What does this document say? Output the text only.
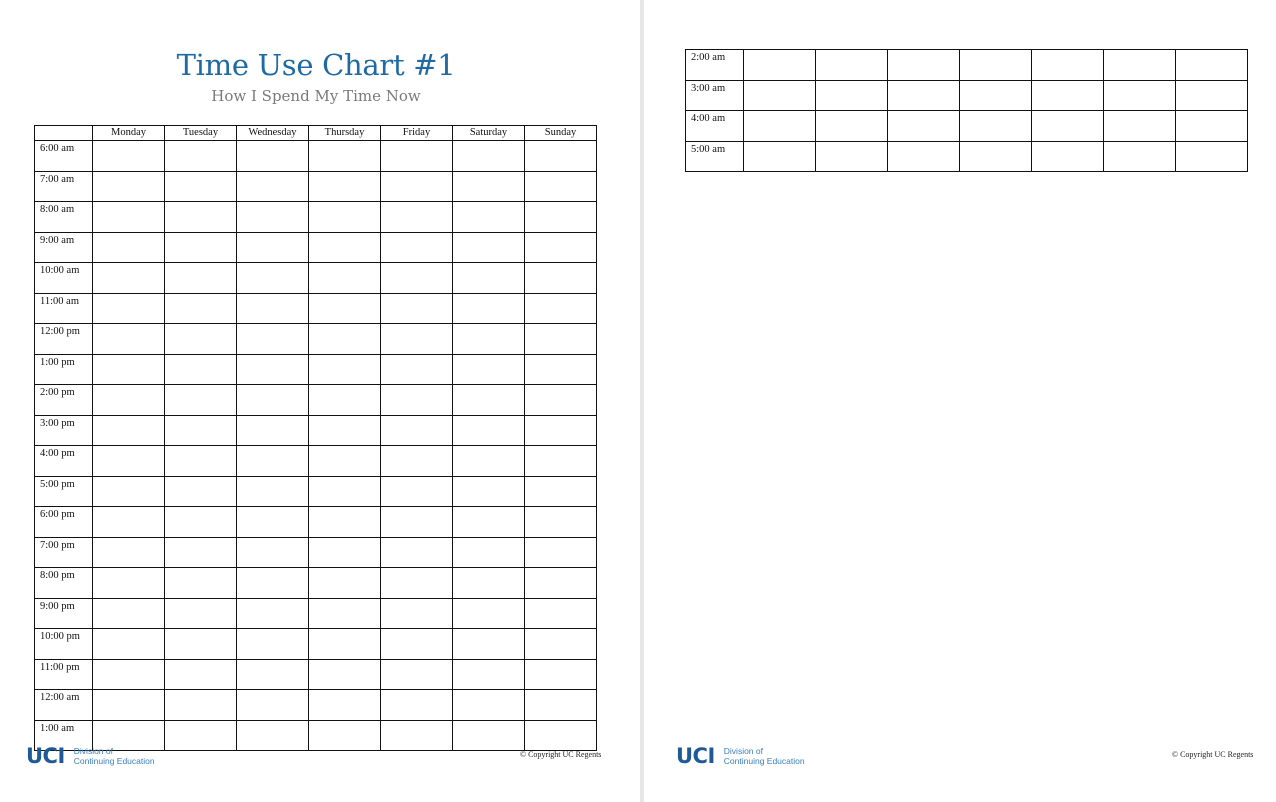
Time Use Chart #1
How I Spend My Time Now
	Monday	Tuesday	Wednesday	Thursday	Friday	Saturday	Sunday
6:00 am							
7:00 am							
8:00 am							
9:00 am							
10:00 am							
11:00 am							
12:00 pm							
1:00 pm							
2:00 pm							
3:00 pm							
4:00 pm							
5:00 pm							
6:00 pm							
7:00 pm							
8:00 pm							
9:00 pm							
10:00 pm							
11:00 pm							
12:00 am							
1:00 am							
UCI Division of
Continuing Education
© Copyright UC Regents
2:00 am							
3:00 am							
4:00 am							
5:00 am							
UCI Division of
Continuing Education
© Copyright UC Regents
